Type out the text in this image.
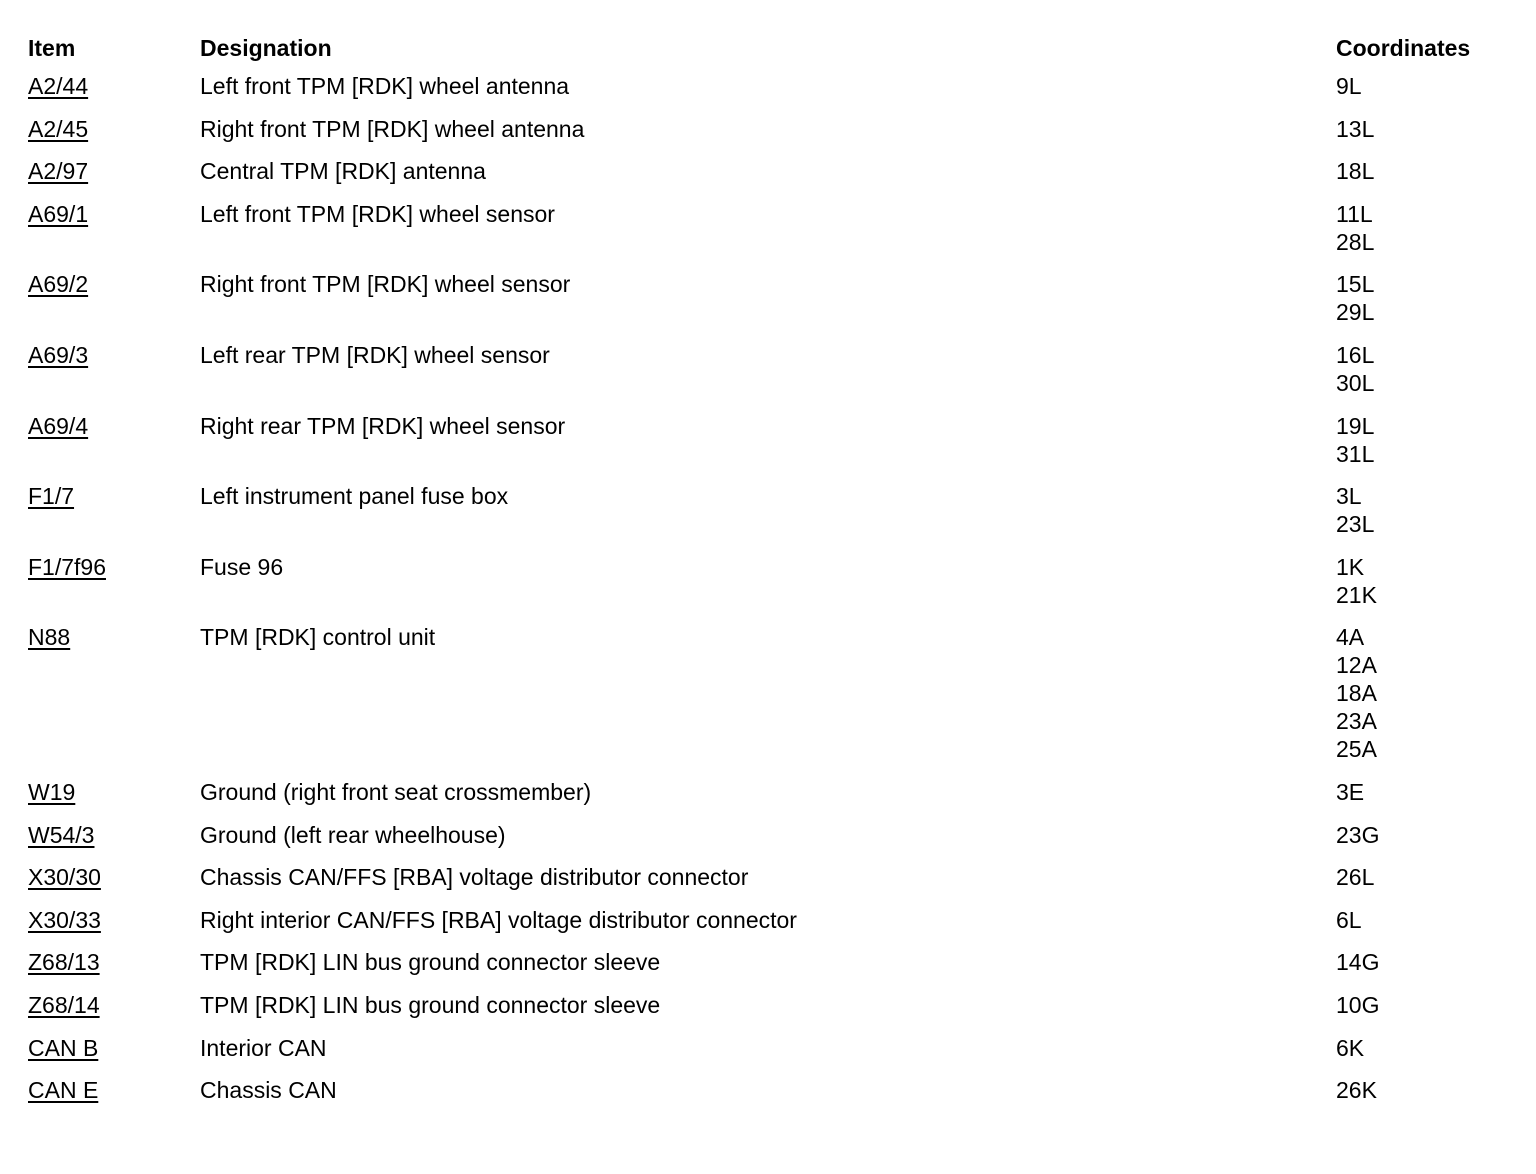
Item	Designation	Coordinates
A2/44	Left front TPM [RDK] wheel antenna	9L
A2/45	Right front TPM [RDK] wheel antenna	13L
A2/97	Central TPM [RDK] antenna	18L
A69/1	Left front TPM [RDK] wheel sensor	11L
28L
A69/2	Right front TPM [RDK] wheel sensor	15L
29L
A69/3	Left rear TPM [RDK] wheel sensor	16L
30L
A69/4	Right rear TPM [RDK] wheel sensor	19L
31L
F1/7	Left instrument panel fuse box	3L
23L
F1/7f96	Fuse 96	1K
21K
N88	TPM [RDK] control unit	4A
12A
18A
23A
25A
W19	Ground (right front seat crossmember)	3E
W54/3	Ground (left rear wheelhouse)	23G
X30/30	Chassis CAN/FFS [RBA] voltage distributor connector	26L
X30/33	Right interior CAN/FFS [RBA] voltage distributor connector	6L
Z68/13	TPM [RDK] LIN bus ground connector sleeve	14G
Z68/14	TPM [RDK] LIN bus ground connector sleeve	10G
CAN B	Interior CAN	6K
CAN E	Chassis CAN	26K
